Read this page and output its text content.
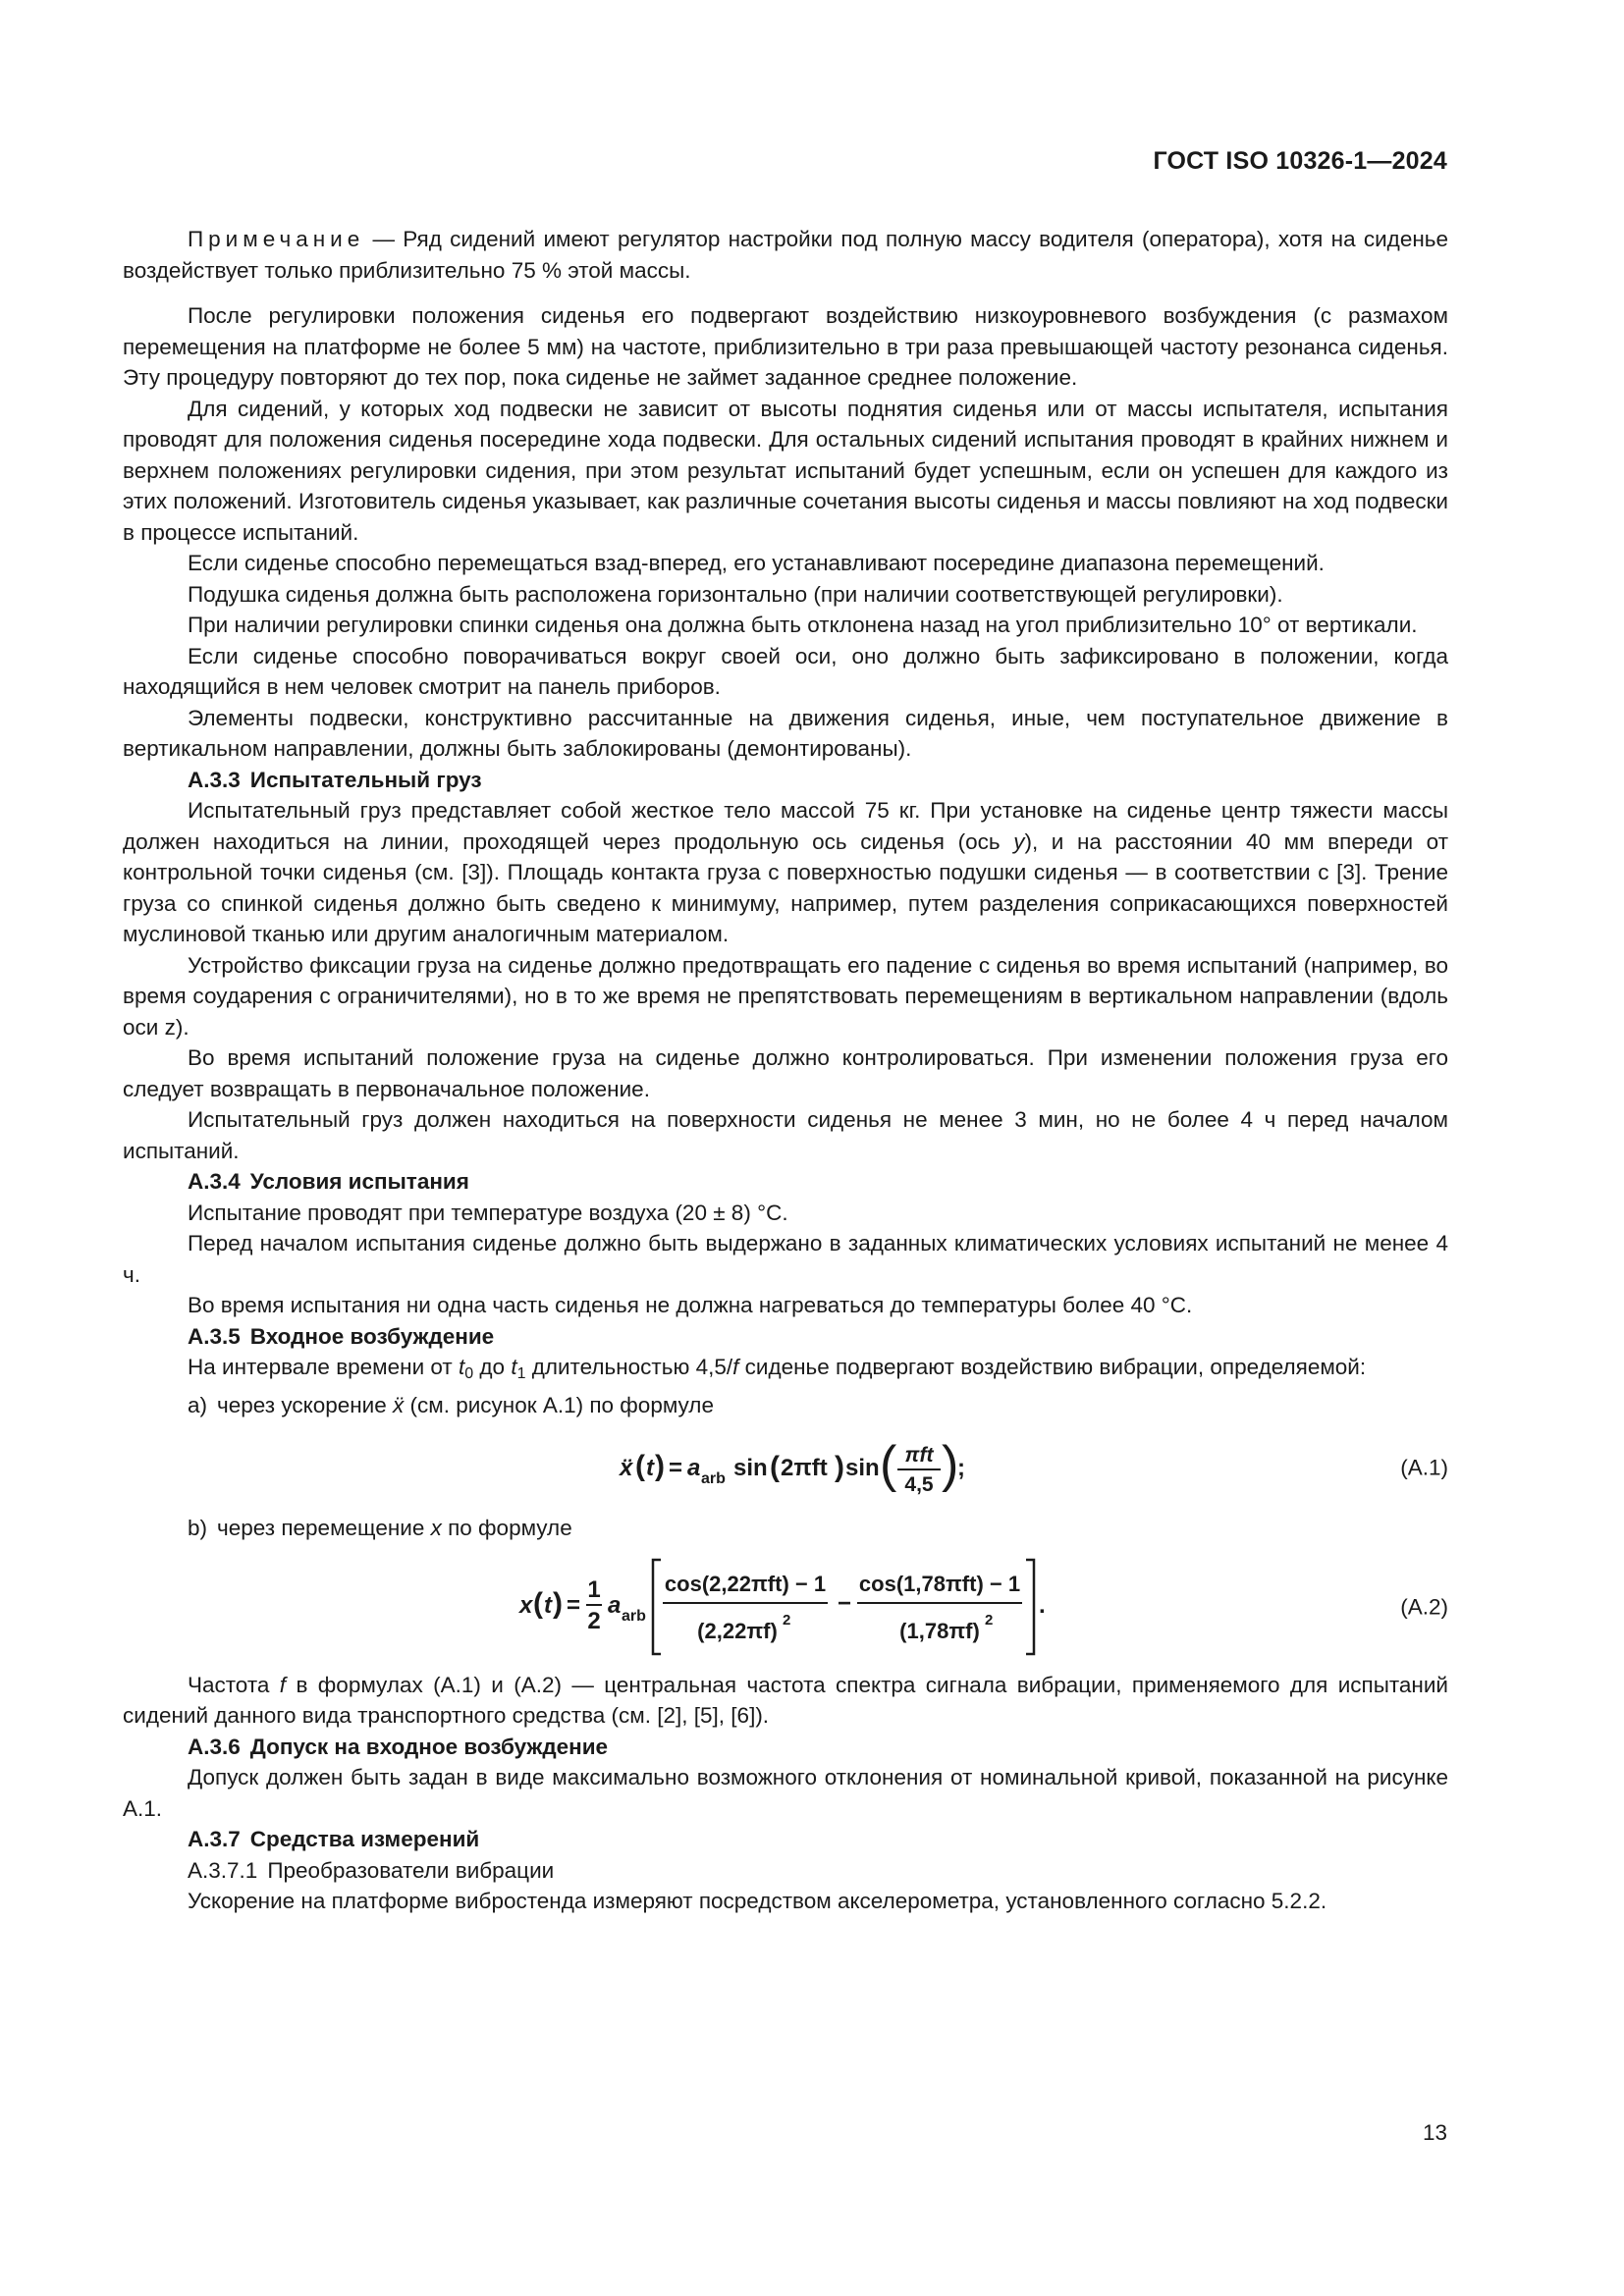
ГОСТ ISO 10326-1—2024

Примечание — Ряд сидений имеют регулятор настройки под полную массу водителя (оператора), хотя на сиденье воздействует только приблизительно 75 % этой массы.

После регулировки положения сиденья его подвергают воздействию низкоуровневого возбуждения (с размахом перемещения на платформе не более 5 мм) на частоте, приблизительно в три раза превышающей частоту резонанса сиденья. Эту процедуру повторяют до тех пор, пока сиденье не займет заданное среднее положение.

Для сидений, у которых ход подвески не зависит от высоты поднятия сиденья или от массы испытателя, испытания проводят для положения сиденья посередине хода подвески. Для остальных сидений испытания проводят в крайних нижнем и верхнем положениях регулировки сидения, при этом результат испытаний будет успешным, если он успешен для каждого из этих положений. Изготовитель сиденья указывает, как различные сочетания высоты сиденья и массы повлияют на ход подвески в процессе испытаний.

Если сиденье способно перемещаться взад-вперед, его устанавливают посередине диапазона перемещений.

Подушка сиденья должна быть расположена горизонтально (при наличии соответствующей регулировки).

При наличии регулировки спинки сиденья она должна быть отклонена назад на угол приблизительно 10° от вертикали.

Если сиденье способно поворачиваться вокруг своей оси, оно должно быть зафиксировано в положении, когда находящийся в нем человек смотрит на панель приборов.

Элементы подвески, конструктивно рассчитанные на движения сиденья, иные, чем поступательное движение в вертикальном направлении, должны быть заблокированы (демонтированы).

A.3.3 Испытательный груз

Испытательный груз представляет собой жесткое тело массой 75 кг. При установке на сиденье центр тяжести массы должен находиться на линии, проходящей через продольную ось сиденья (ось y), и на расстоянии 40 мм впереди от контрольной точки сиденья (см. [3]). Площадь контакта груза с поверхностью подушки сиденья — в соответствии с [3]. Трение груза со спинкой сиденья должно быть сведено к минимуму, например, путем разделения соприкасающихся поверхностей муслиновой тканью или другим аналогичным материалом.

Устройство фиксации груза на сиденье должно предотвращать его падение с сиденья во время испытаний (например, во время соударения с ограничителями), но в то же время не препятствовать перемещениям в вертикальном направлении (вдоль оси z).

Во время испытаний положение груза на сиденье должно контролироваться. При изменении положения груза его следует возвращать в первоначальное положение.

Испытательный груз должен находиться на поверхности сиденья не менее 3 мин, но не более 4 ч перед началом испытаний.

A.3.4 Условия испытания

Испытание проводят при температуре воздуха (20 ± 8) °С.

Перед началом испытания сиденье должно быть выдержано в заданных климатических условиях испытаний не менее 4 ч.

Во время испытания ни одна часть сиденья не должна нагреваться до температуры более 40 °С.

A.3.5 Входное возбуждение

На интервале времени от $t_0$ до $t_1$ длительностью 4,5/f сиденье подвергают воздействию вибрации, определяемой:

a) через ускорение ẍ (см. рисунок A.1) по формуле
ẍ ( t ) = a arb sin ( 2πft ) sin ( πft
4,5 )
;	(A.1)
b) через перемещение x по формуле
x ( t ) =
1
2
a arb
cos(2,22πft) − 1
(2,22πf) 2
−
cos(1,78πft) − 1
(1,78πf) 2
.	(A.2)

Частота f в формулах (A.1) и (A.2) — центральная частота спектра сигнала вибрации, применяемого для испытаний сидений данного вида транспортного средства (см. [2], [5], [6]).

A.3.6 Допуск на входное возбуждение

Допуск должен быть задан в виде максимально возможного отклонения от номинальной кривой, показанной на рисунке A.1.

A.3.7 Средства измерений
A.3.7.1 Преобразователи вибрации

Ускорение на платформе вибростенда измеряют посредством акселерометра, установленного согласно 5.2.2.

13
